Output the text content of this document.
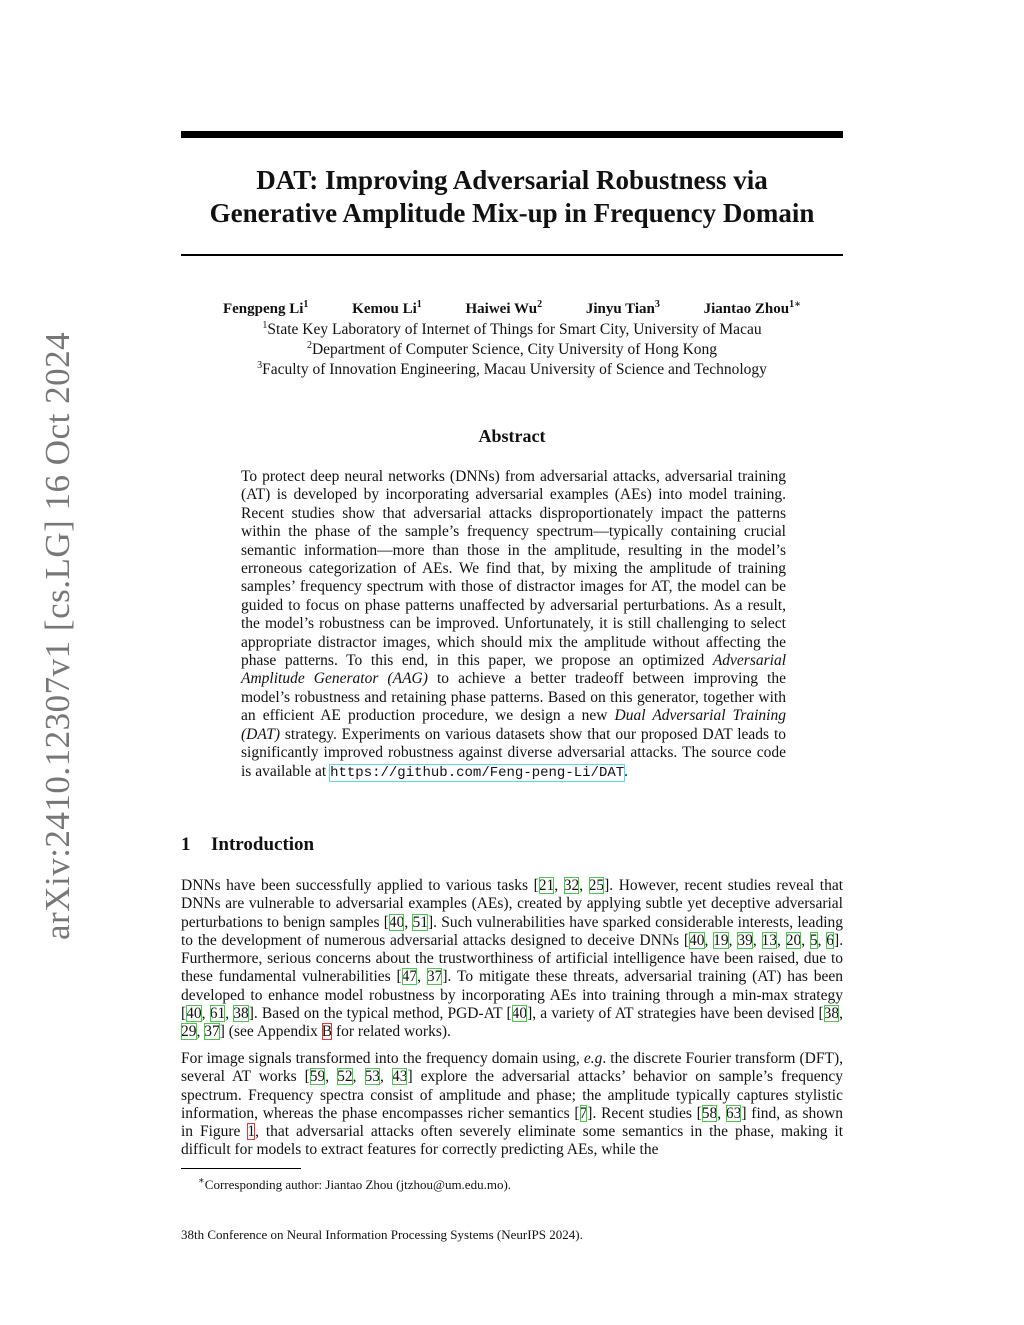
arXiv:2410.12307v1 [cs.LG] 16 Oct 2024
DAT: Improving Adversarial Robustness via
Generative Amplitude Mix-up in Frequency Domain
Fengpeng Li$^1$	Kemou Li$^1$	Haiwei Wu$^2$	Jinyu Tian$^3$	Jiantao Zhou$^{1∗}$
$^1$State Key Laboratory of Internet of Things for Smart City, University of Macau
$^2$Department of Computer Science, City University of Hong Kong
$^3$Faculty of Innovation Engineering, Macau University of Science and Technology
Abstract
To protect deep neural networks (DNNs) from adversarial attacks, adversarial training (AT) is developed by incorporating adversarial examples (AEs) into model training. Recent studies show that adversarial attacks disproportionately impact the patterns within the phase of the sample’s frequency spectrum—typically containing crucial semantic information—more than those in the amplitude, resulting in the model’s erroneous categorization of AEs. We find that, by mixing the amplitude of training samples’ frequency spectrum with those of distractor images for AT, the model can be guided to focus on phase patterns unaffected by adversarial perturbations. As a result, the model’s robustness can be improved. Unfortunately, it is still challenging to select appropriate distractor images, which should mix the amplitude without affecting the phase patterns. To this end, in this paper, we propose an optimized Adversarial Amplitude Generator (AAG) to achieve a better tradeoff between improving the model’s robustness and retaining phase patterns. Based on this generator, together with an efficient AE production procedure, we design a new Dual Adversarial Training (DAT) strategy. Experiments on various datasets show that our proposed DAT leads to significantly improved robustness against diverse adversarial attacks. The source code is available at https://github.com/Feng-peng-Li/DAT.
1 Introduction
DNNs have been successfully applied to various tasks [21, 32, 25]. However, recent studies reveal that DNNs are vulnerable to adversarial examples (AEs), created by applying subtle yet deceptive adversarial perturbations to benign samples [40, 51]. Such vulnerabilities have sparked considerable interests, leading to the development of numerous adversarial attacks designed to deceive DNNs [40, 19, 39, 13, 20, 5, 6]. Furthermore, serious concerns about the trustworthiness of artificial intelligence have been raised, due to these fundamental vulnerabilities [47, 37]. To mitigate these threats, adversarial training (AT) has been developed to enhance model robustness by incorporating AEs into training through a min-max strategy [40, 61, 38]. Based on the typical method, PGD-AT [40], a variety of AT strategies have been devised [38, 29, 37] (see Appendix B for related works).
For image signals transformed into the frequency domain using, e.g. the discrete Fourier transform (DFT), several AT works [59, 52, 53, 43] explore the adversarial attacks’ behavior on sample’s frequency spectrum. Frequency spectra consist of amplitude and phase; the amplitude typically captures stylistic information, whereas the phase encompasses richer semantics [7]. Recent studies [58, 63] find, as shown in Figure 1, that adversarial attacks often severely eliminate some semantics in the phase, making it difficult for models to extract features for correctly predicting AEs, while the
∗Corresponding author: Jiantao Zhou (jtzhou@um.edu.mo).
38th Conference on Neural Information Processing Systems (NeurIPS 2024).
